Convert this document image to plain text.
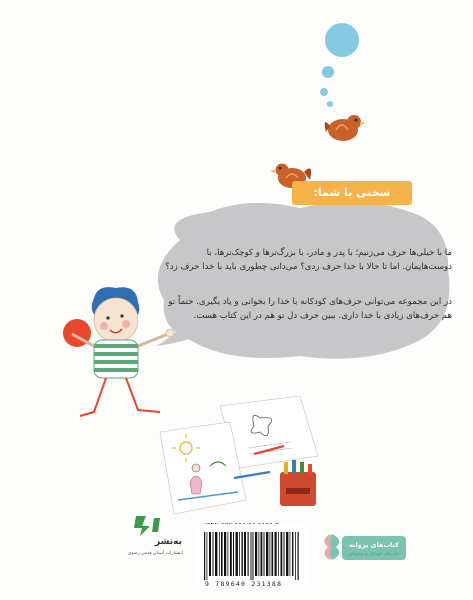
سخنی با شما:
ما با خیلی‌ها حرف می‌زنیم؛ با پدر و مادر، با بزرگ‌ترها و کوچک‌ترها، با دوست‌هایمان. اما تا حالا با خدا حرف زدی؟ می‌دانی چطوری باید با خدا حرف زد؟
در این مجموعه می‌توانی حرف‌های کودکانه با خدا را بخوانی و یاد بگیری. حتماً تو هم حرف‌های زیادی با خدا داری. ببین حرف دل تو هم در این کتاب هست.
به‌نشر
انتشارات آستان قدس رضوی
9 789640 231388
کتاب‌های پروانه
کتاب‌های کودکان و نوجوانان
